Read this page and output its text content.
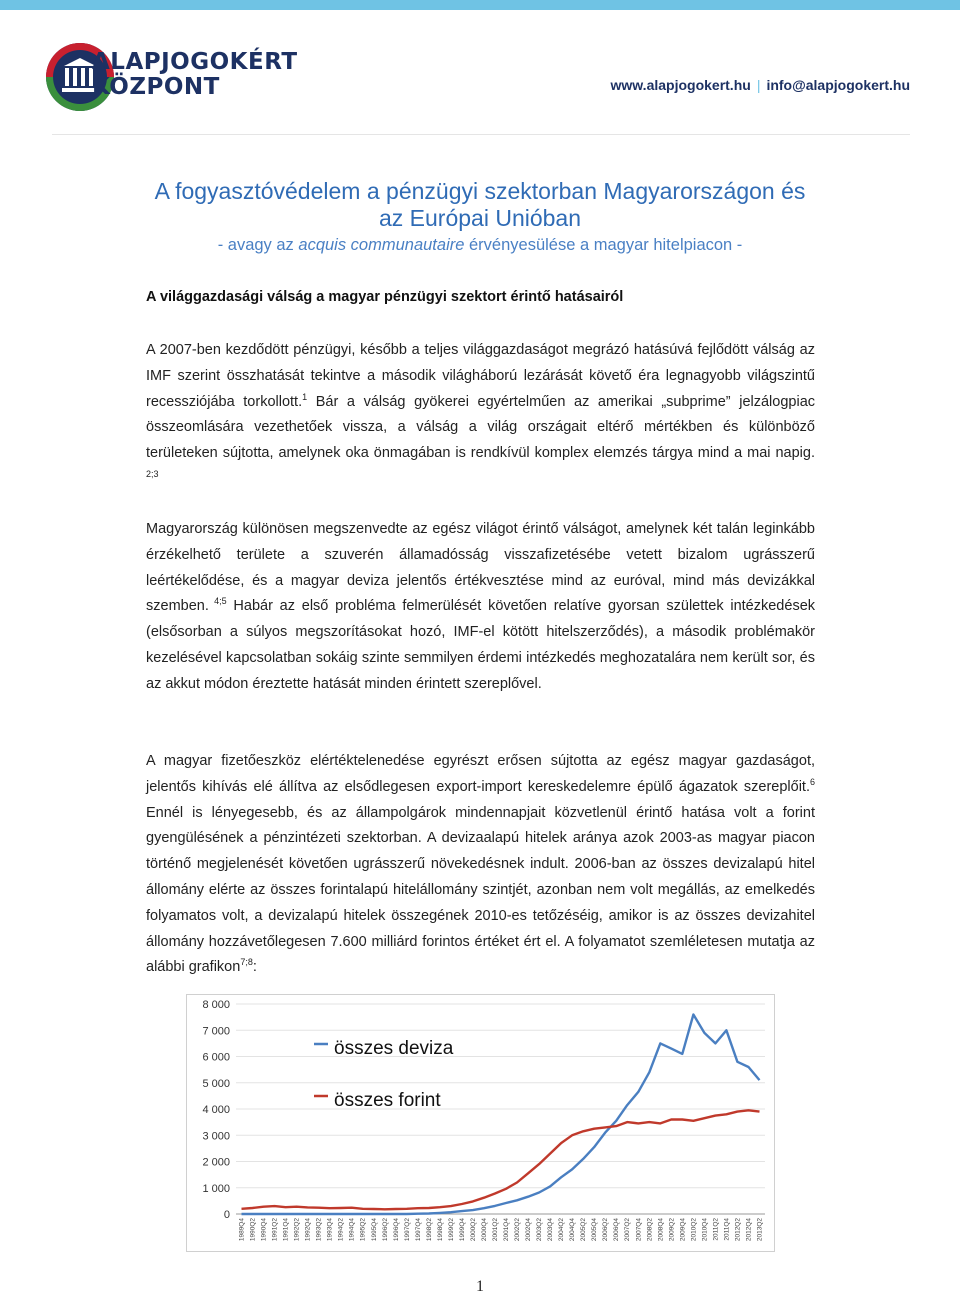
ALAPJOGOKÉRT
KÖZPONT	www.alapjogokert.hu | info@alapjogokert.hu
A fogyasztóvédelem a pénzügyi szektorban Magyarországon és az Európai Unióban
- avagy az acquis communautaire érvényesülése a magyar hitelpiacon -
A világgazdasági válság a magyar pénzügyi szektort érintő hatásairól
A 2007-ben kezdődött pénzügyi, később a teljes világgazdaságot megrázó hatásúvá fejlődött válság az IMF szerint összhatását tekintve a második világháború lezárását követő éra legnagyobb világszintű recessziójába torkollott.$^1$ Bár a válság gyökerei egyértelműen az amerikai „subprime” jelzálogpiac összeomlására vezethetőek vissza, a válság a világ országait eltérő mértékben és különböző területeken sújtotta, amelynek oka önmagában is rendkívül komplex elemzés tárgya mind a mai napig. $^{2;3}$
Magyarország különösen megszenvedte az egész világot érintő válságot, amelynek két talán leginkább érzékelhető területe a szuverén államadósság visszafizetésébe vetett bizalom ugrásszerű leértékelődése, és a magyar deviza jelentős értékvesztése mind az euróval, mind más devizákkal szemben. $^{4;5}$ Habár az első probléma felmerülését követően relatíve gyorsan születtek intézkedések (elsősorban a súlyos megszorításokat hozó, IMF-el kötött hitelszerződés), a második problémakör kezelésével kapcsolatban sokáig szinte semmilyen érdemi intézkedés meghozatalára nem került sor, és az akkut módon éreztette hatását minden érintett szereplővel.
A magyar fizetőeszköz elértéktelenedése egyrészt erősen sújtotta az egész magyar gazdaságot, jelentős kihívás elé állítva az elsődlegesen export-import kereskedelemre épülő ágazatok szereplőit.$^6$ Ennél is lényegesebb, és az állampolgárok mindennapjait közvetlenül érintő hatása volt a forint gyengülésének a pénzintézeti szektorban. A devizaalapú hitelek aránya azok 2003-as magyar piacon történő megjelenését követően ugrásszerű növekedésnek indult. 2006-ban az összes devizalapú hitel állomány elérte az összes forintalapú hitelállomány szintjét, azonban nem volt megállás, az emelkedés folyamatos volt, a devizalapú hitelek összegének 2010-es tetőzéséig, amikor is az összes devizahitel állomány hozzávetőlegesen 7.600 milliárd forintos értéket ért el. A folyamatot szemléletesen mutatja az alábbi grafikon$^{7;8}$:
0
1 000
2 000
3 000
4 000
5 000
6 000
7 000
8 000
1989Q4 1990Q2 1990Q4 1991Q2 1991Q4 1992Q2 1992Q4 1993Q2 1993Q4 1994Q2 1994Q4 1995Q2 1995Q4 1996Q2 1996Q4 1997Q2 1997Q4 1998Q2 1998Q4 1999Q2 1999Q4 2000Q2 2000Q4 2001Q2 2001Q4 2002Q2 2002Q4 2003Q2 2003Q4 2004Q2 2004Q4 2005Q2 2005Q4 2006Q2 2006Q4 2007Q2 2007Q4 2008Q2 2008Q4 2009Q2 2009Q4 2010Q2 2010Q4 2011Q2 2011Q4 2012Q2 2012Q4 2013Q2
összes deviza
összes forint
1
